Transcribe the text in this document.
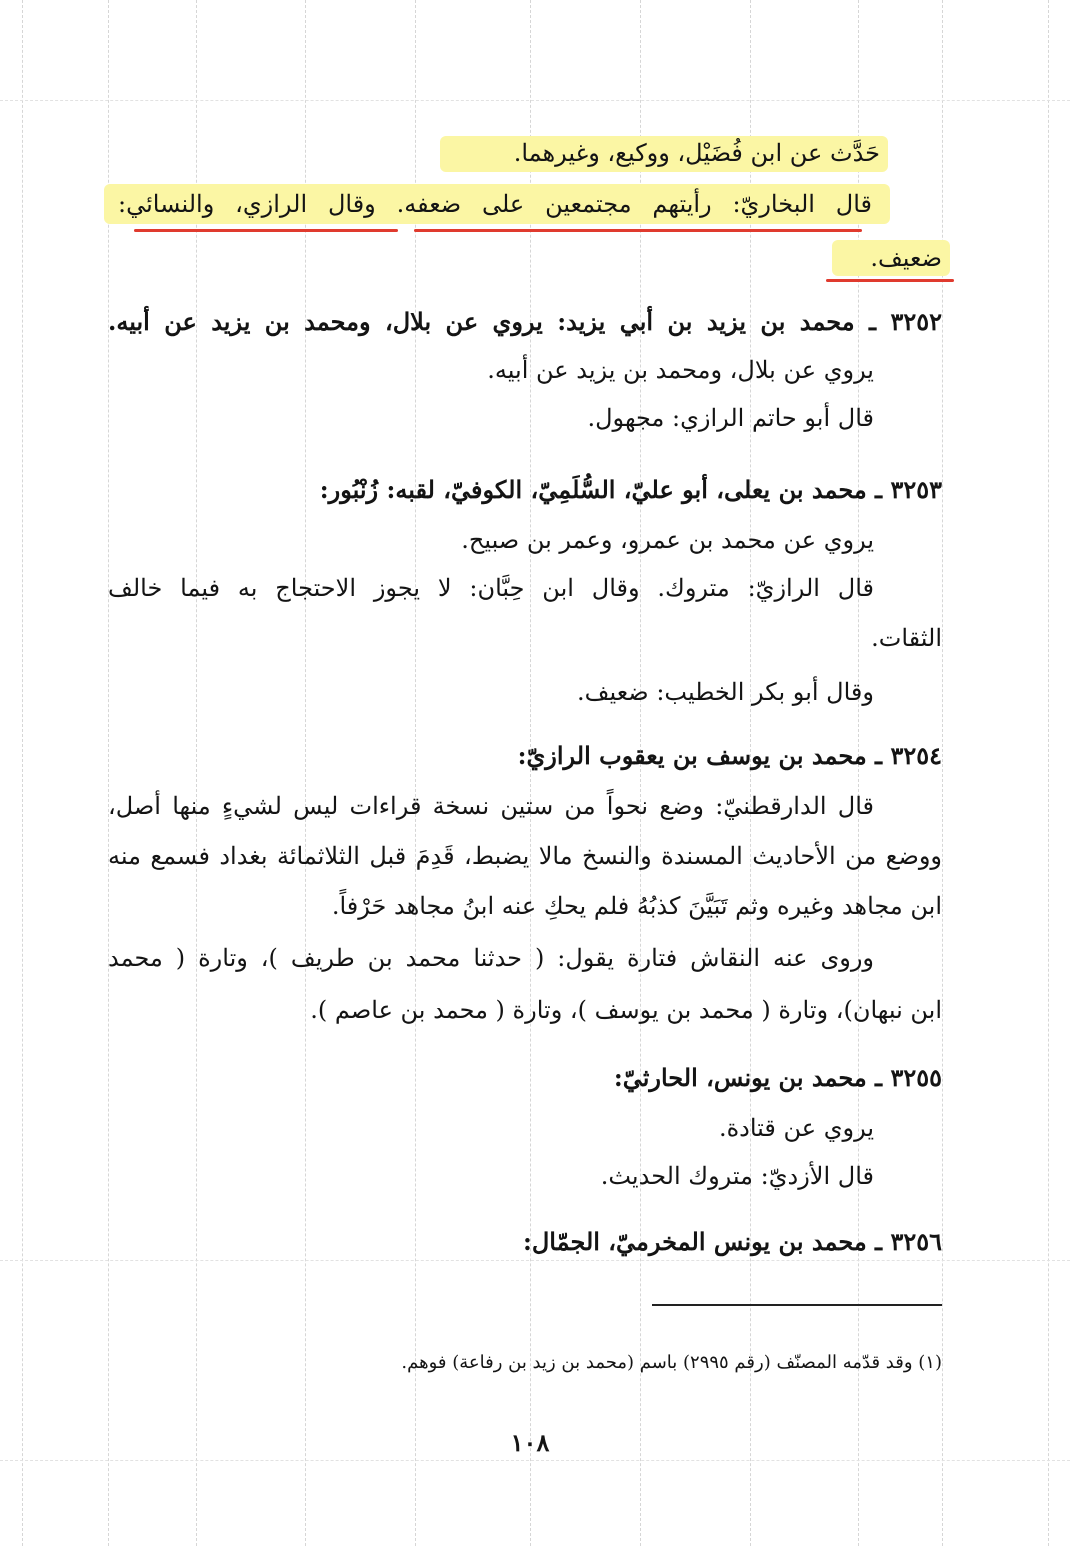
حَدَّث عن ابن فُضَيْل، ووكيع، وغيرهما.
قال البخاريّ: رأيتهم مجتمعين على ضعفه. وقال الرازي، والنسائي:
ضعيف.
٣٢٥٢ ـ محمد بن يزيد بن أبي يزيد: يروي عن بلال، ومحمد بن يزيد عن أبيه.
يروي عن بلال، ومحمد بن يزيد عن أبيه.
قال أبو حاتم الرازي: مجهول.
٣٢٥٣ ـ محمد بن يعلى، أبو عليّ، السُّلَمِيّ، الكوفيّ، لقبه: زُنْبُور:
يروي عن محمد بن عمرو، وعمر بن صبيح.
قال الرازيّ: متروك. وقال ابن حِبَّان: لا يجوز الاحتجاج به فيما خالف
الثقات.
وقال أبو بكر الخطيب: ضعيف.
٣٢٥٤ ـ محمد بن يوسف بن يعقوب الرازيّ:
قال الدارقطنيّ: وضع نحواً من ستين نسخة قراءات ليس لشيءٍ منها أصل،
ووضع من الأحاديث المسندة والنسخ مالا يضبط، قَدِمَ قبل الثلاثمائة بغداد فسمع منه
ابن مجاهد وغيره وثم تَبَيَّنَ كذبُهُ فلم يحكِ عنه ابنُ مجاهد حَرْفاً.
وروى عنه النقاش فتارة يقول: ( حدثنا محمد بن طريف )، وتارة ( محمد
ابن نبهان)، وتارة ( محمد بن يوسف )، وتارة ( محمد بن عاصم ).
٣٢٥٥ ـ محمد بن يونس، الحارثيّ:
يروي عن قتادة.
قال الأزديّ: متروك الحديث.
٣٢٥٦ ـ محمد بن يونس المخرميّ، الجمّال:
(١) وقد قدّمه المصنّف (رقم ٢٩٩٥) باسم (محمد بن زيد بن رفاعة) فوهم.
١٠٨
